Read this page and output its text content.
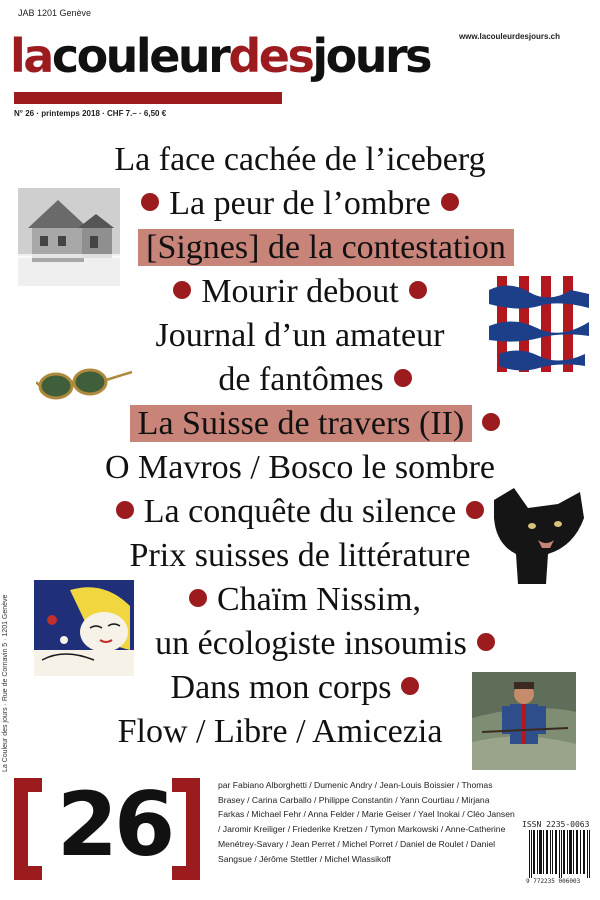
JAB 1201 Genève
www.lacouleurdesjours.ch
lacouleurdesjours
N° 26 · printemps 2018 · CHF 7.– · 6,50 €
La face cachée de l’iceberg
La peur de l’ombre
[Signes] de la contestation
Mourir debout
Journal d’un amateur
de fantômes
La Suisse de travers (II)
O Mavros / Bosco le sombre
La conquête du silence
Prix suisses de littérature
Chaïm Nissim,
un écologiste insoumis
Dans mon corps
Flow / Libre / Amicezia
La Couleur des jours · Rue de Cornavin 5 · 1201 Genève
26	par Fabiano Alborghetti / Dumenic Andry / Jean-Louis Boissier / Thomas Brasey / Carina Carballo / Philippe Constantin / Yann Courtiau / Mirjana Farkas / Michael Fehr / Anna Felder / Marie Geiser / Yael Inokai / Cléo Jansen / Jaromir Kreiliger / Friederike Kretzen / Tymon Markowski / Anne-Catherine Menétrey-Savary / Jean Perret / Michel Porret / Daniel de Roulet / Daniel Sangsue / Jérôme Stettler / Michel Wlassikoff
ISSN 2235-0063
9 772235 006003
